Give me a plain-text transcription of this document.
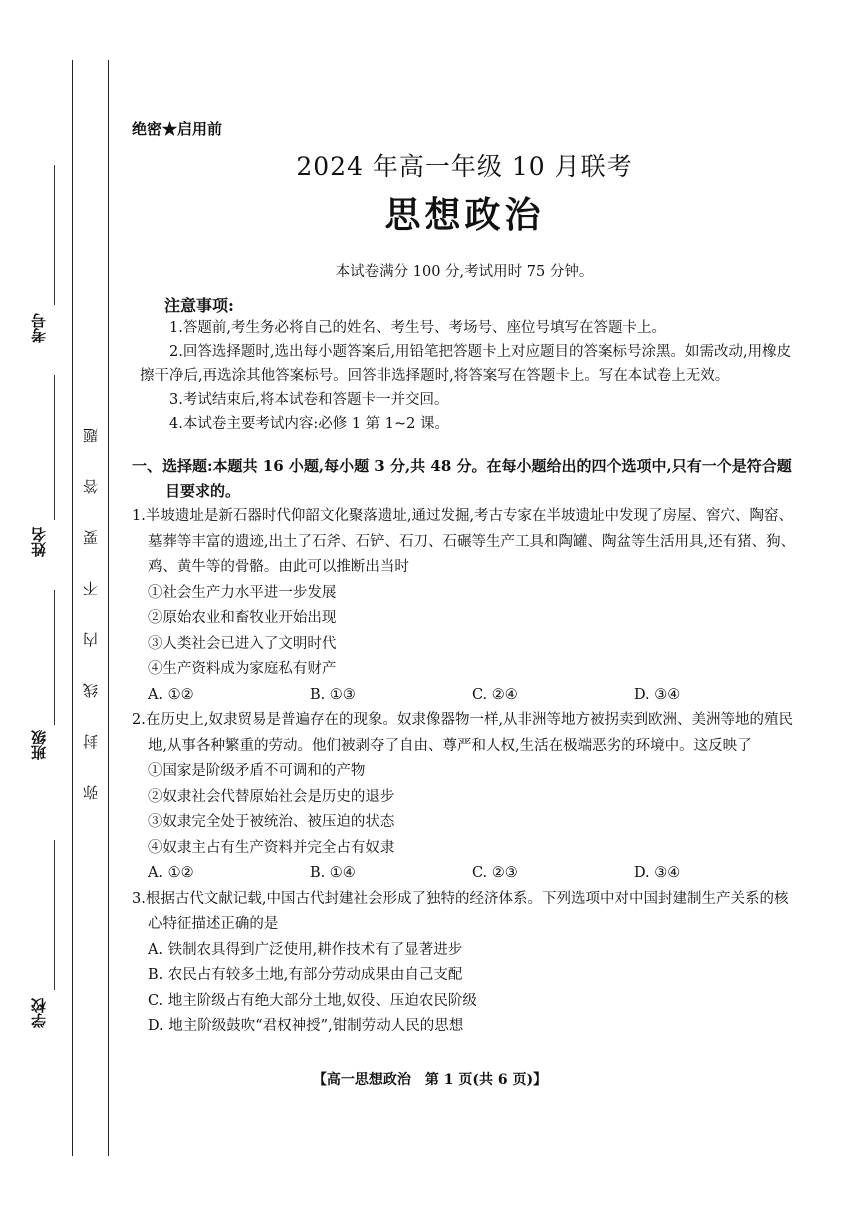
考号
姓名
班级
学校
题
答
要
不
内
线
封
弥

绝密★启用前

2024 年高一年级 10 月联考

思想政治

本试卷满分 100 分,考试用时 75 分钟。

注意事项:

1.答题前,考生务必将自己的姓名、考生号、考场号、座位号填写在答题卡上。

2.回答选择题时,选出每小题答案后,用铅笔把答题卡上对应题目的答案标号涂黑。如需改动,用橡皮擦干净后,再选涂其他答案标号。回答非选择题时,将答案写在答题卡上。写在本试卷上无效。

3.考试结束后,将本试卷和答题卡一并交回。

4.本试卷主要考试内容:必修 1 第 1~2 课。

一、选择题:本题共 16 小题,每小题 3 分,共 48 分。在每小题给出的四个选项中,只有一个是符合题目要求的。

1.半坡遗址是新石器时代仰韶文化聚落遗址,通过发掘,考古专家在半坡遗址中发现了房屋、窖穴、陶窑、墓葬等丰富的遗迹,出土了石斧、石铲、石刀、石碾等生产工具和陶罐、陶盆等生活用具,还有猪、狗、鸡、黄牛等的骨骼。由此可以推断出当时

①社会生产力水平进一步发展

②原始农业和畜牧业开始出现

③人类社会已进入了文明时代

④生产资料成为家庭私有财产

A. ①②	B. ①③	C. ②④	D. ③④

2.在历史上,奴隶贸易是普遍存在的现象。奴隶像器物一样,从非洲等地方被拐卖到欧洲、美洲等地的殖民地,从事各种繁重的劳动。他们被剥夺了自由、尊严和人权,生活在极端恶劣的环境中。这反映了

①国家是阶级矛盾不可调和的产物

②奴隶社会代替原始社会是历史的退步

③奴隶完全处于被统治、被压迫的状态

④奴隶主占有生产资料并完全占有奴隶

A. ①②	B. ①④	C. ②③	D. ③④

3.根据古代文献记载,中国古代封建社会形成了独特的经济体系。下列选项中对中国封建制生产关系的核心特征描述正确的是

A. 铁制农具得到广泛使用,耕作技术有了显著进步

B. 农民占有较多土地,有部分劳动成果由自己支配

C. 地主阶级占有绝大部分土地,奴役、压迫农民阶级

D. 地主阶级鼓吹“君权神授”,钳制劳动人民的思想

【高一思想政治　第 1 页(共 6 页)】
